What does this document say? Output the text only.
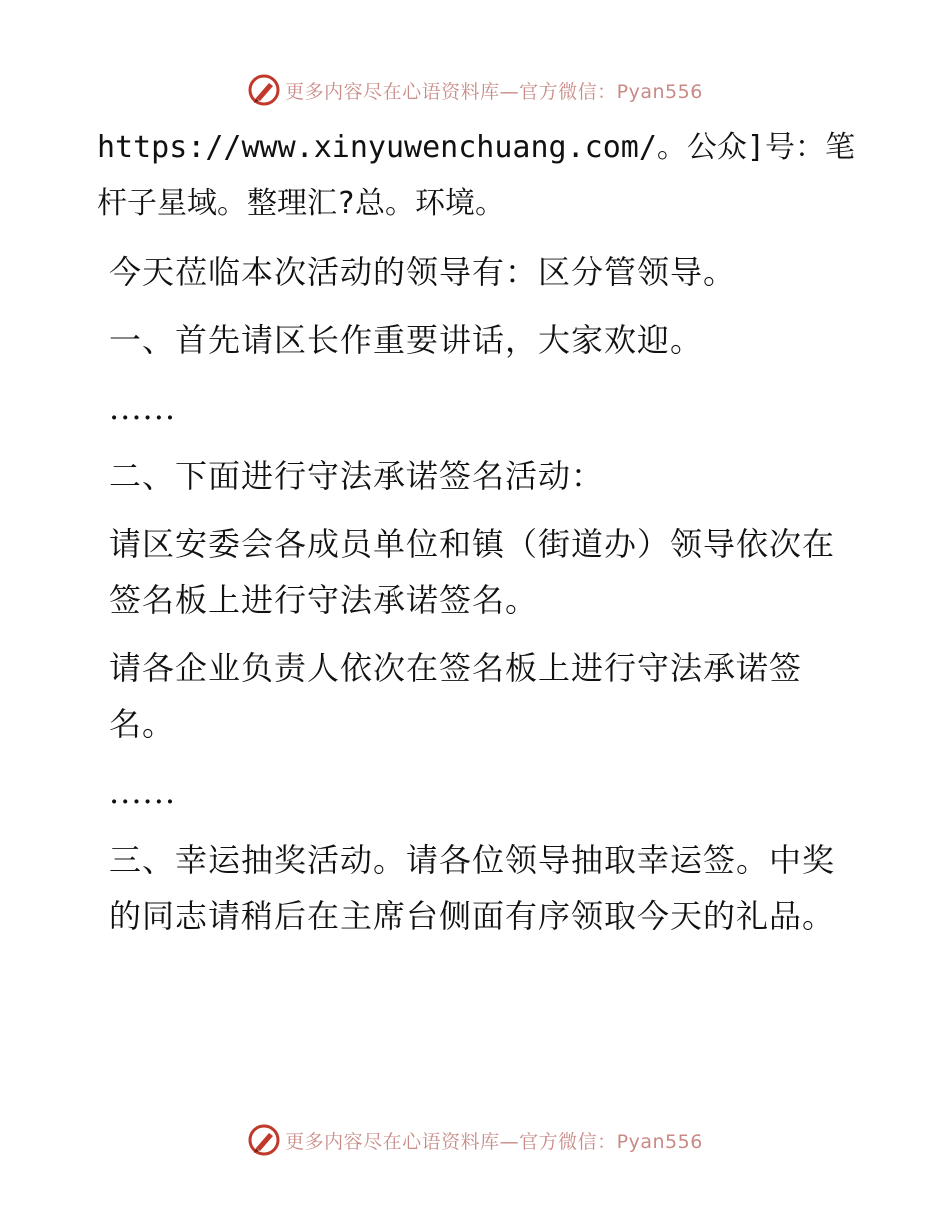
更多内容尽在心语资料库—官方微信：Pyan556

https://www.xinyuwenchuang.com/。公众]号：笔杆子星域。整理汇?总。环境。

今天莅临本次活动的领导有：区分管领导。

一、首先请区长作重要讲话，大家欢迎。

......

二、下面进行守法承诺签名活动：

请区安委会各成员单位和镇（街道办）领导依次在签名板上进行守法承诺签名。

请各企业负责人依次在签名板上进行守法承诺签名。

......

三、幸运抽奖活动。请各位领导抽取幸运签。中奖的同志请稍后在主席台侧面有序领取今天的礼品。

更多内容尽在心语资料库—官方微信：Pyan556
